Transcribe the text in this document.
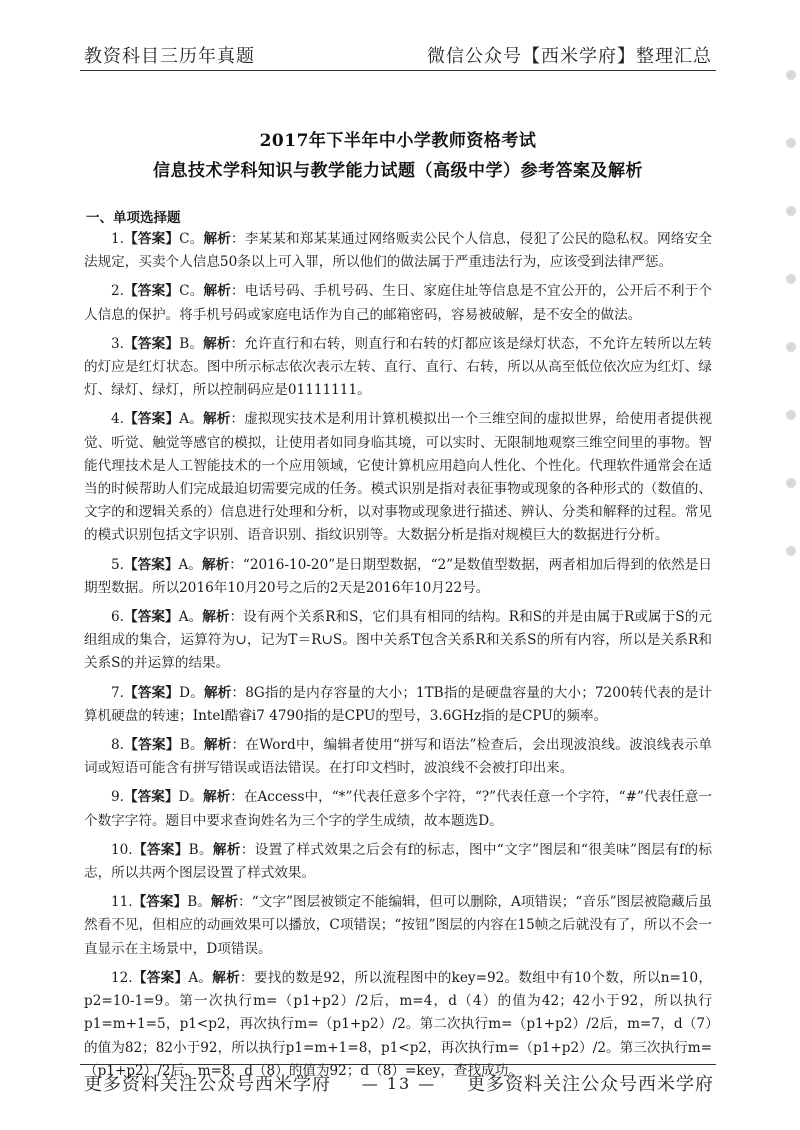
教资科目三历年真题	微信公众号【西米学府】整理汇总
2017年下半年中小学教师资格考试
信息技术学科知识与教学能力试题（高级中学）参考答案及解析
一、单项选择题

1.【答案】C。解析：李某某和郑某某通过网络贩卖公民个人信息，侵犯了公民的隐私权。网络安全法规定，买卖个人信息50条以上可入罪，所以他们的做法属于严重违法行为，应该受到法律严惩。

2.【答案】C。解析：电话号码、手机号码、生日、家庭住址等信息是不宜公开的，公开后不利于个人信息的保护。将手机号码或家庭电话作为自己的邮箱密码，容易被破解，是不安全的做法。

3.【答案】B。解析：允许直行和右转，则直行和右转的灯都应该是绿灯状态，不允许左转所以左转的灯应是红灯状态。图中所示标志依次表示左转、直行、直行、右转，所以从高至低位依次应为红灯、绿灯、绿灯、绿灯，所以控制码应是01111111。

4.【答案】A。解析：虚拟现实技术是利用计算机模拟出一个三维空间的虚拟世界，给使用者提供视觉、听觉、触觉等感官的模拟，让使用者如同身临其境，可以实时、无限制地观察三维空间里的事物。智能代理技术是人工智能技术的一个应用领域，它使计算机应用趋向人性化、个性化。代理软件通常会在适当的时候帮助人们完成最迫切需要完成的任务。模式识别是指对表征事物或现象的各种形式的（数值的、文字的和逻辑关系的）信息进行处理和分析，以对事物或现象进行描述、辨认、分类和解释的过程。常见的模式识别包括文字识别、语音识别、指纹识别等。大数据分析是指对规模巨大的数据进行分析。

5.【答案】A。解析：“2016-10-20”是日期型数据，“2”是数值型数据，两者相加后得到的依然是日期型数据。所以2016年10月20号之后的2天是2016年10月22号。

6.【答案】A。解析：设有两个关系R和S，它们具有相同的结构。R和S的并是由属于R或属于S的元组组成的集合，运算符为∪，记为T＝R∪S。图中关系T包含关系R和关系S的所有内容，所以是关系R和关系S的并运算的结果。

7.【答案】D。解析：8G指的是内存容量的大小；1TB指的是硬盘容量的大小；7200转代表的是计算机硬盘的转速；Intel酷睿i7 4790指的是CPU的型号，3.6GHz指的是CPU的频率。

8.【答案】B。解析：在Word中，编辑者使用“拼写和语法”检查后，会出现波浪线。波浪线表示单词或短语可能含有拼写错误或语法错误。在打印文档时，波浪线不会被打印出来。

9.【答案】D。解析：在Access中，“*”代表任意多个字符，“?”代表任意一个字符，“#”代表任意一个数字字符。题目中要求查询姓名为三个字的学生成绩，故本题选D。

10.【答案】B。解析：设置了样式效果之后会有f的标志，图中“文字”图层和“很美味”图层有f的标志，所以共两个图层设置了样式效果。

11.【答案】B。解析：“文字”图层被锁定不能编辑，但可以删除，A项错误；“音乐”图层被隐藏后虽然看不见，但相应的动画效果可以播放，C项错误；“按钮”图层的内容在15帧之后就没有了，所以不会一直显示在主场景中，D项错误。

12.【答案】A。解析：要找的数是92，所以流程图中的key=92。数组中有10个数，所以n=10，p2=10-1=9。第一次执行m=（p1+p2）/2后，m=4，d（4）的值为42；42小于92，所以执行p1=m+1=5，p1<p2，再次执行m=（p1+p2）/2。第二次执行m=（p1+p2）/2后，m=7，d（7）的值为82；82小于92，所以执行p1=m+1=8，p1<p2，再次执行m=（p1+p2）/2。第三次执行m=（p1+p2）/2后，m=8，d（8）的值为92；d（8）=key，查找成功。

更多资料关注公众号西米学府 — 13 — 更多资料关注公众号西米学府
